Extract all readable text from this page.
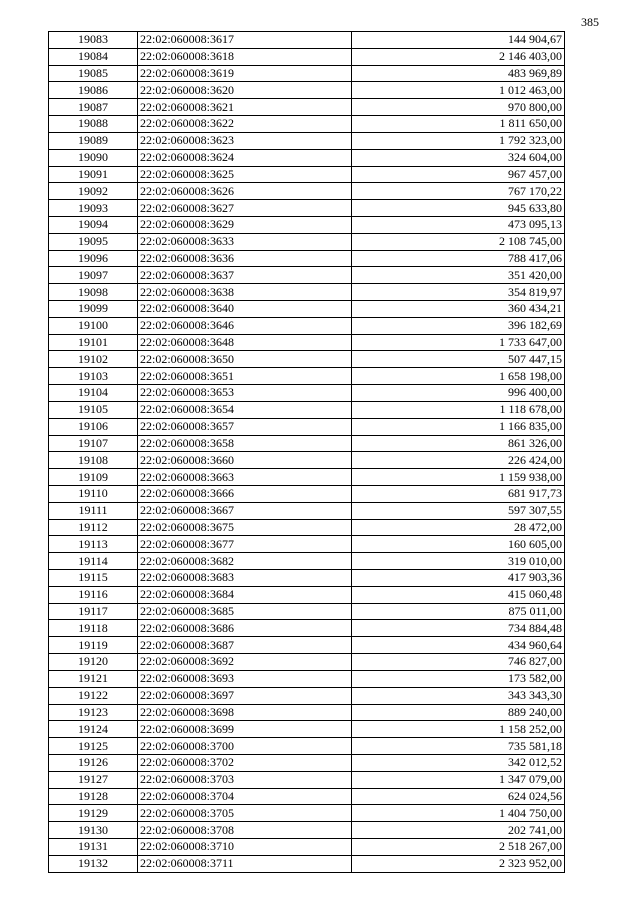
385
19083	22:02:060008:3617	144 904,67
19084	22:02:060008:3618	2 146 403,00
19085	22:02:060008:3619	483 969,89
19086	22:02:060008:3620	1 012 463,00
19087	22:02:060008:3621	970 800,00
19088	22:02:060008:3622	1 811 650,00
19089	22:02:060008:3623	1 792 323,00
19090	22:02:060008:3624	324 604,00
19091	22:02:060008:3625	967 457,00
19092	22:02:060008:3626	767 170,22
19093	22:02:060008:3627	945 633,80
19094	22:02:060008:3629	473 095,13
19095	22:02:060008:3633	2 108 745,00
19096	22:02:060008:3636	788 417,06
19097	22:02:060008:3637	351 420,00
19098	22:02:060008:3638	354 819,97
19099	22:02:060008:3640	360 434,21
19100	22:02:060008:3646	396 182,69
19101	22:02:060008:3648	1 733 647,00
19102	22:02:060008:3650	507 447,15
19103	22:02:060008:3651	1 658 198,00
19104	22:02:060008:3653	996 400,00
19105	22:02:060008:3654	1 118 678,00
19106	22:02:060008:3657	1 166 835,00
19107	22:02:060008:3658	861 326,00
19108	22:02:060008:3660	226 424,00
19109	22:02:060008:3663	1 159 938,00
19110	22:02:060008:3666	681 917,73
19111	22:02:060008:3667	597 307,55
19112	22:02:060008:3675	28 472,00
19113	22:02:060008:3677	160 605,00
19114	22:02:060008:3682	319 010,00
19115	22:02:060008:3683	417 903,36
19116	22:02:060008:3684	415 060,48
19117	22:02:060008:3685	875 011,00
19118	22:02:060008:3686	734 884,48
19119	22:02:060008:3687	434 960,64
19120	22:02:060008:3692	746 827,00
19121	22:02:060008:3693	173 582,00
19122	22:02:060008:3697	343 343,30
19123	22:02:060008:3698	889 240,00
19124	22:02:060008:3699	1 158 252,00
19125	22:02:060008:3700	735 581,18
19126	22:02:060008:3702	342 012,52
19127	22:02:060008:3703	1 347 079,00
19128	22:02:060008:3704	624 024,56
19129	22:02:060008:3705	1 404 750,00
19130	22:02:060008:3708	202 741,00
19131	22:02:060008:3710	2 518 267,00
19132	22:02:060008:3711	2 323 952,00
